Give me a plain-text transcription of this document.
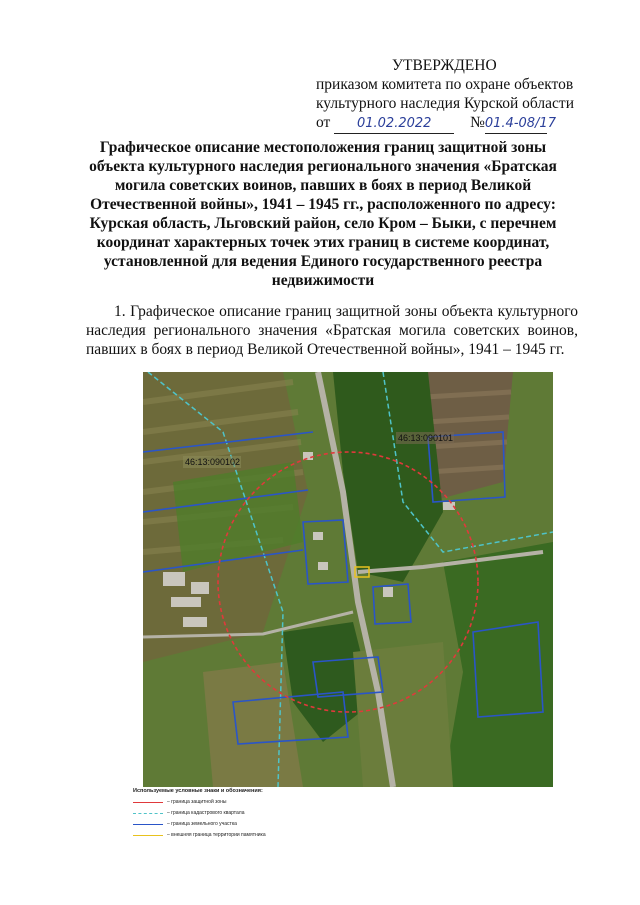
УТВЕРЖДЕНО
приказом комитета по охране объектов
культурного наследия Курской области
от 01.02.2022 №01.4-08/17
Графическое описание местоположения границ защитной зоны объекта культурного наследия регионального значения «Братская могила советских воинов, павших в боях в период Великой Отечественной войны», 1941 – 1945 гг., расположенного по адресу: Курская область, Льговский район, село Кром – Быки, с перечнем координат характерных точек этих границ в системе координат, установленной для ведения Единого государственного реестра недвижимости
1. Графическое описание границ защитной зоны объекта культурного наследия регионального значения «Братская могила советских воинов, павших в боях в период Великой Отечественной войны», 1941 – 1945 гг.
46:13:090102
46:13:090101
Используемые условные знаки и обозначения:
– граница защитной зоны
– граница кадастрового квартала
– граница земельного участка
– внешняя граница территории памятника
